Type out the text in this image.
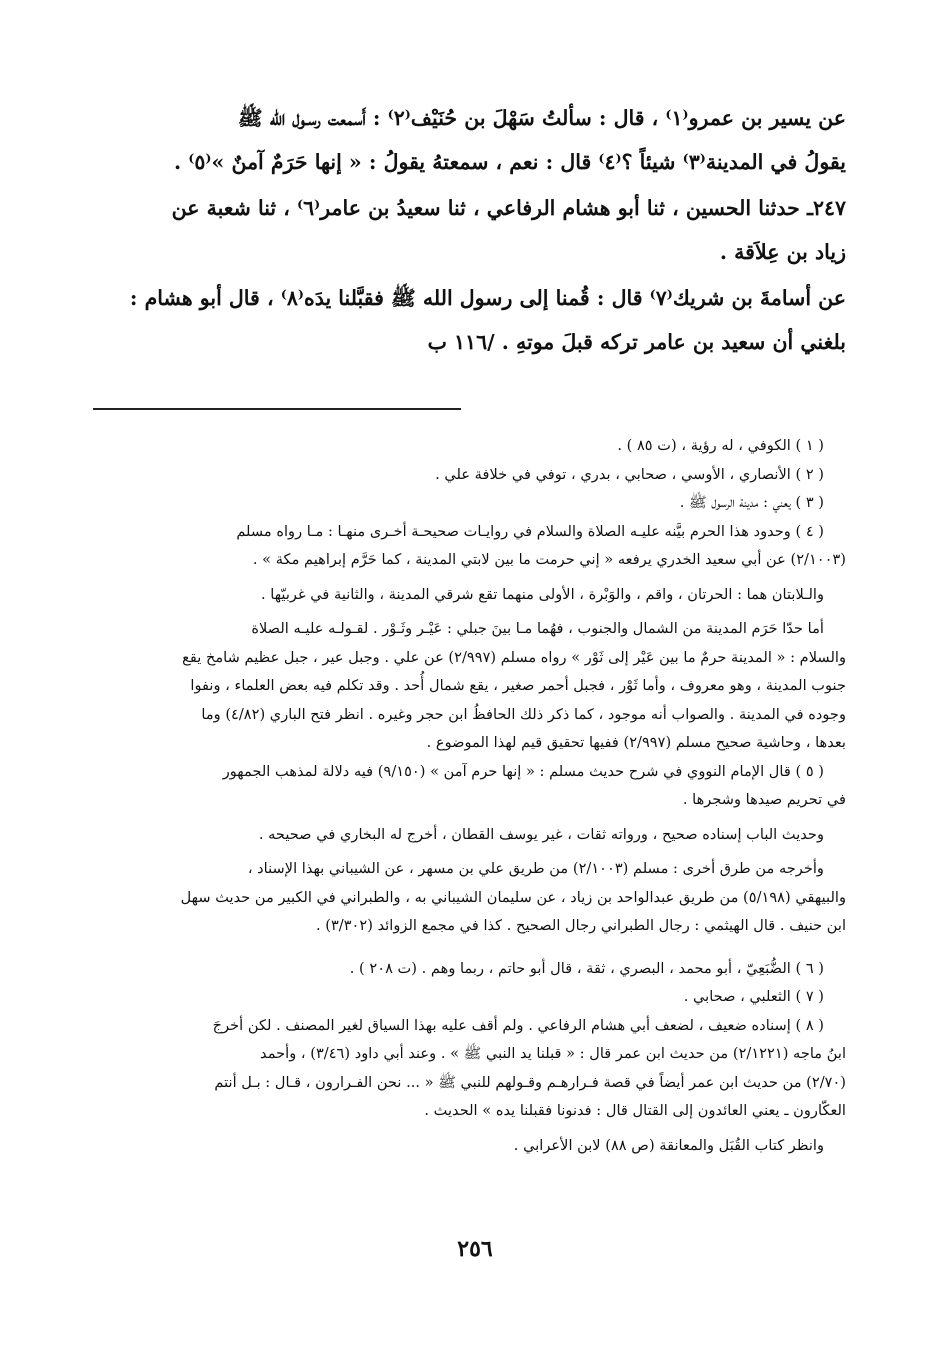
عن يسير بن عمرو⁽١⁾ ، قال : سألتُ سَهْلَ بن حُنَيْف⁽٢⁾ : أَسمعت رسـول الله ﷺ

يقولُ في المدينة⁽٣⁾ شيئاً ؟⁽٤⁾ قال : نعم ، سمعتهُ يقولُ : « إنها حَرَمٌ آمنٌ »⁽٥⁾ .

٢٤٧ـ حدثنا الحسين ، ثنا أبو هشام الرفاعي ، ثنا سعيدُ بن عامر⁽٦⁾ ، ثنا شعبة عن

زياد بن عِلاَقة .

عن أسامةَ بن شريك⁽٧⁾ قال : قُمنا إلى رسول الله ﷺ فقبَّلنا يدَه⁽٨⁾ ، قال أبو هشام :

بلغني أن سعيد بن عامر تركه قبلَ موتهِ . /١١٦ ب

( ١ ) الكوفي ، له رؤية ، (ت ٨٥ ) .

( ٢ ) الأنصاري ، الأوسي ، صحابي ، بدري ، توفي في خلافة علي .

( ٣ ) يعني : مدينة الرسول ﷺ .

( ٤ ) وحدود هذا الحرم بيَّنه عليـه الصلاة والسلام في روايـات صحيحـة أخـرى منهـا : مـا رواه مسلم

(٢/١٠٠٣) عن أبي سعيد الخدري يرفعه « إني حرمت ما بين لابتي المدينة ، كما حَرَّم إبراهيم مكة » .

والـلابتان هما : الحرتان ، واقم ، والوَبْرة ، الأولى منهما تقع شرقي المدينة ، والثانية في غربيّها .

أما حدّا حَرَم المدينة من الشمال والجنوب ، فهُما مـا بينَ جبلي : عَيْـر وثَـوْر . لقـولـه عليـه الصلاة

والسلام : « المدينة حرمٌ ما بين عَيْر إلى ثَوْر » رواه مسلم (٢/٩٩٧) عن علي . وجبل عير ، جبل عظيم شامخ يقع

جنوب المدينة ، وهو معروف ، وأما ثَوْر ، فجبل أحمر صغير ، يقع شمال أُحد . وقد تكلم فيه بعض العلماء ، ونفوا

وجوده في المدينة . والصواب أنه موجود ، كما ذكر ذلك الحافظُ ابن حجر وغيره . انظر فتح الباري (٤/٨٢) وما

بعدها ، وحاشية صحيح مسلم (٢/٩٩٧) ففيها تحقيق قيم لهذا الموضوع .

( ٥ ) قال الإمام النووي في شرح حديث مسلم : « إنها حرم آمن » (٩/١٥٠) فيه دلالة لمذهب الجمهور

في تحريم صيدها وشجرها .

وحديث الباب إسناده صحيح ، ورواته ثقات ، غير يوسف القطان ، أخرج له البخاري في صحيحه .

وأخرجه من طرق أخرى : مسلم (٢/١٠٠٣) من طريق علي بن مسهر ، عن الشيباني بهذا الإسناد ،

والبيهقي (٥/١٩٨) من طريق عبدالواحد بن زياد ، عن سليمان الشيباني به ، والطبراني في الكبير من حديث سهل

ابن حنيف . قال الهيثمي : رجال الطبراني رجال الصحيح . كذا في مجمع الزوائد (٣/٣٠٢) .

( ٦ ) الضُّبَعِيّ ، أبو محمد ، البصري ، ثقة ، قال أبو حاتم ، ربما وهم . (ت ٢٠٨ ) .

( ٧ ) الثعلبي ، صحابي .

( ٨ ) إسناده ضعيف ، لضعف أبي هشام الرفاعي . ولم أقف عليه بهذا السياق لغير المصنف . لكن أخرجَ

ابنُ ماجه (٢/١٢٢١) من حديث ابن عمر قال : « قبلنا يد النبي ﷺ » . وعند أبي داود (٣/٤٦) ، وأحمد

(٢/٧٠) من حديث ابن عمر أيضاً في قصة فـرارهـم وقـولهم للنبي ﷺ « ... نحن الفـرارون ، قـال : بـل أنتم

العكّارون ـ يعني العائدون إلى القتال قال : فدنونا فقبلنا يده » الحديث .

وانظر كتاب القُبَل والمعانقة (ص ٨٨) لابن الأعرابي .

٢٥٦
